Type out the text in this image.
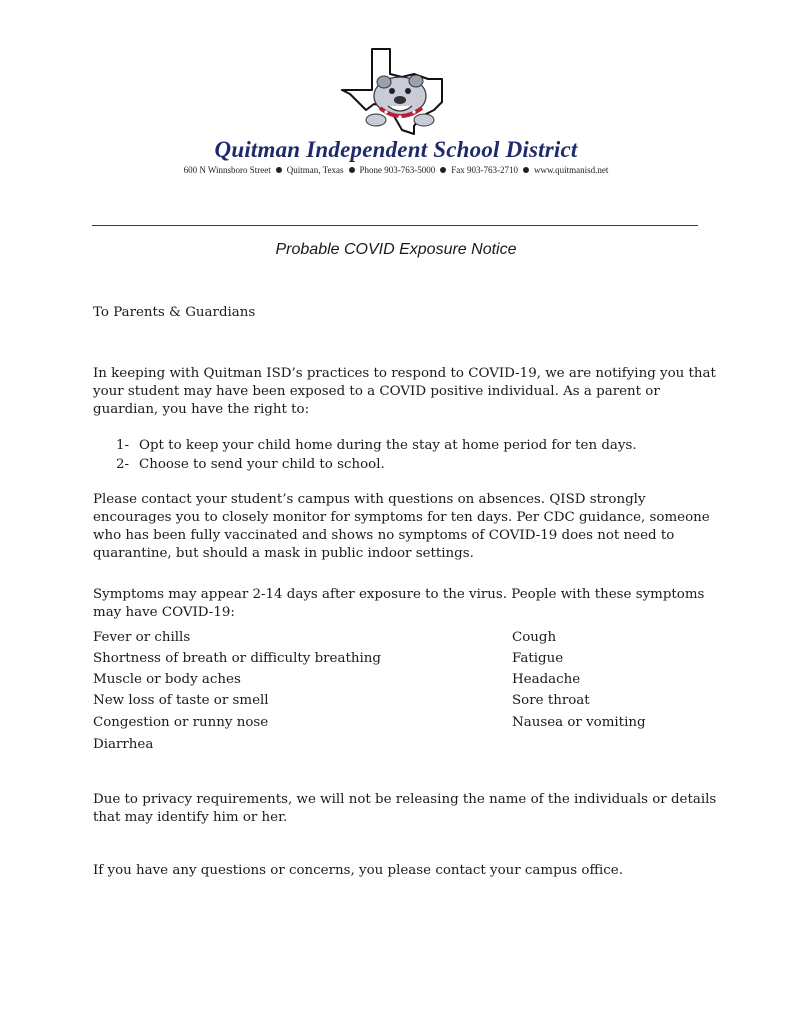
Quitman Independent School District
600 N Winnsboro Street Quitman, Texas Phone 903-763-5000 Fax 903-763-2710 www.quitmanisd.net
Probable COVID Exposure Notice
To Parents & Guardians
In keeping with Quitman ISD’s practices to respond to COVID-19, we are notifying you that
your student may have been exposed to a COVID positive individual. As a parent or
guardian, you have the right to:
1- Opt to keep your child home during the stay at home period for ten days.
2- Choose to send your child to school.
Please contact your student’s campus with questions on absences. QISD strongly
encourages you to closely monitor for symptoms for ten days. Per CDC guidance, someone
who has been fully vaccinated and shows no symptoms of COVID-19 does not need to
quarantine, but should a mask in public indoor settings.
Symptoms may appear 2-14 days after exposure to the virus. People with these symptoms
may have COVID-19:
Fever or chills
Shortness of breath or difficulty breathing
Muscle or body aches
New loss of taste or smell
Congestion or runny nose
Diarrhea
Cough
Fatigue
Headache
Sore throat
Nausea or vomiting
Due to privacy requirements, we will not be releasing the name of the individuals or details
that may identify him or her.
If you have any questions or concerns, you please contact your campus office.
